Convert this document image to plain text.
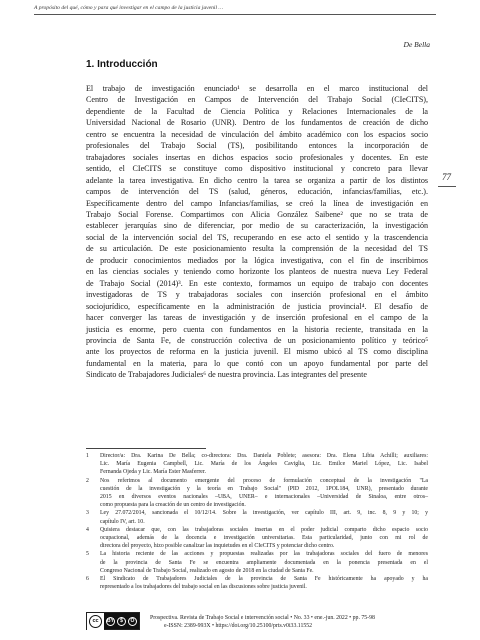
A propósito del qué, cómo y para qué investigar en el campo de la justicia juvenil …
De Bella
77
1. Introducción
El trabajo de investigación enunciado¹ se desarrolla en el marco institucional del
Centro de Investigación en Campos de Intervención del Trabajo Social (CIeCITS),
dependiente de la Facultad de Ciencia Política y Relaciones Internacionales de la
Universidad Nacional de Rosario (UNR). Dentro de los fundamentos de creación de dicho
centro se encuentra la necesidad de vinculación del ámbito académico con los espacios socio
profesionales del Trabajo Social (TS), posibilitando entonces la incorporación de
trabajadores sociales insertas en dichos espacios socio profesionales y docentes. En este
sentido, el CIeCITS se constituye como dispositivo institucional y concreto para llevar
adelante la tarea investigativa. En dicho centro la tarea se organiza a partir de los distintos
campos de intervención del TS (salud, géneros, educación, infancias/familias, etc.).
Específicamente dentro del campo Infancias/familias, se creó la línea de investigación en
Trabajo Social Forense. Compartimos con Alicia González Saibene² que no se trata de
establecer jerarquías sino de diferenciar, por medio de su caracterización, la investigación
social de la intervención social del TS, recuperando en ese acto el sentido y la trascendencia
de su articulación. De este posicionamiento resulta la comprensión de la necesidad del TS
de producir conocimientos mediados por la lógica investigativa, con el fin de inscribirnos
en las ciencias sociales y teniendo como horizonte los planteos de nuestra nueva Ley Federal
de Trabajo Social (2014)³. En este contexto, formamos un equipo de trabajo con docentes
investigadoras de TS y trabajadoras sociales con inserción profesional en el ámbito
sociojurídico, específicamente en la administración de justicia provincial⁴. El desafío de
hacer converger las tareas de investigación y de inserción profesional en el campo de la
justicia es enorme, pero cuenta con fundamentos en la historia reciente, transitada en la
provincia de Santa Fe, de construcción colectiva de un posicionamiento político y teórico⁵
ante los proyectos de reforma en la justicia juvenil. El mismo ubicó al TS como disciplina
fundamental en la materia, para lo que contó con un apoyo fundamental por parte del
Sindicato de Trabajadores Judiciales⁶ de nuestra provincia. Las integrantes del presente
1 Director/a: Dra. Karina De Bella; co-directora: Dra. Daniela Poblete; asesora: Dra. Elena Libia Achilli; auxiliares:
Lic. María Eugenia Campbell, Lic. María de los Ángeles Caviglia, Lic. Emilce Mariel López, Lic. Isabel
Fernanda Ojeda y Lic. María Ester Masferrer.
2 Nos referimos al documento emergente del proceso de formulación conceptual de la investigación "La
cuestión de la investigación y la teoría en Trabajo Social" (PID 2012, 1POL184, UNR), presentado durante
2015 en diversos eventos nacionales –UBA, UNER– e internacionales –Universidad de Sinaloa, entre otros–
como propuesta para la creación de un centro de investigación.
3 Ley 27.072/2014, sancionada el 10/12/14. Sobre la investigación, ver capítulo III, art. 9, inc. 8, 9 y 10; y
capítulo IV, art. 10.
4 Quisiera destacar que, con las trabajadoras sociales insertas en el poder judicial comparto dicho espacio socio
ocupacional, además de la docencia e investigación universitarias. Esta particularidad, junto con mi rol de
directora del proyecto, hizo posible canalizar las inquietudes en el CIeCITS y potenciar dicho centro.
5 La historia reciente de las acciones y propuestas realizadas por las trabajadoras sociales del fuero de menores
de la provincia de Santa Fe se encuentra ampliamente documentada en la ponencia presentada en el
Congreso Nacional de Trabajo Social, realizado en agosto de 2018 en la ciudad de Santa Fe.
6 El Sindicato de Trabajadores Judiciales de la provincia de Santa Fe históricamente ha apoyado y ha
representado a los trabajadores del trabajo social en las discusiones sobre justicia juvenil.
cc	BY	$	O	Prospectiva. Revista de Trabajo Social e intervención social • No. 33 • ene.-jun. 2022 • pp. 75-98
e-ISSN: 2389-993X • https://doi.org/10.25100/prts.v0i33.11552
